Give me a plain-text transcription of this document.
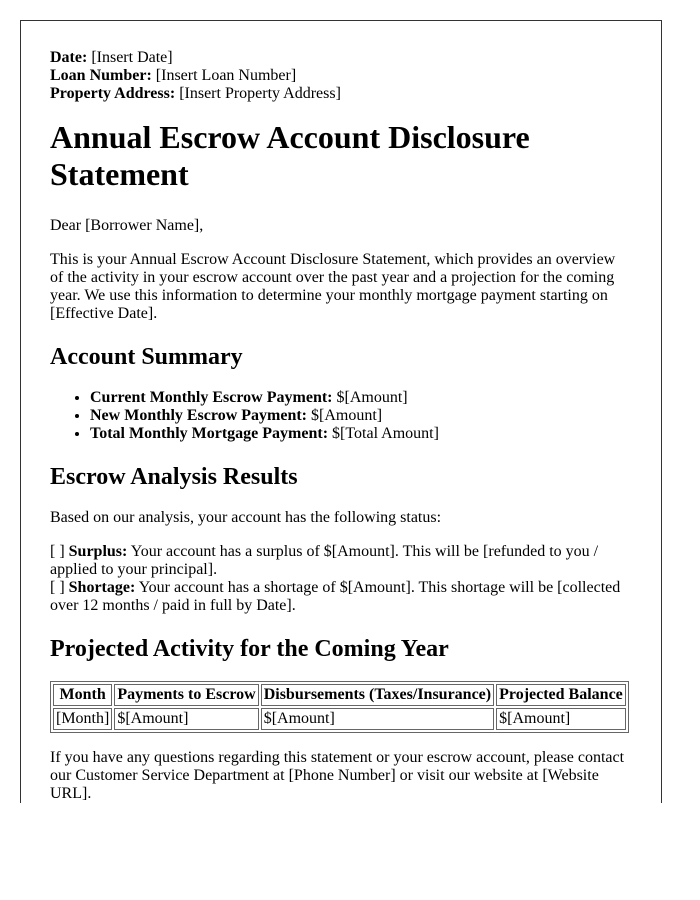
Date: [Insert Date]
Loan Number: [Insert Loan Number]
Property Address: [Insert Property Address]
Annual Escrow Account Disclosure Statement

Dear [Borrower Name],

This is your Annual Escrow Account Disclosure Statement, which provides an overview of the activity in your escrow account over the past year and a projection for the coming year. We use this information to determine your monthly mortgage payment starting on [Effective Date].

Account Summary
• Current Monthly Escrow Payment: $[Amount]
• New Monthly Escrow Payment: $[Amount]
• Total Monthly Mortgage Payment: $[Total Amount]
Escrow Analysis Results

Based on our analysis, your account has the following status:

[ ] Surplus: Your account has a surplus of $[Amount]. This will be [refunded to you / applied to your principal].
[ ] Shortage: Your account has a shortage of $[Amount]. This shortage will be [collected over 12 months / paid in full by Date].

Projected Activity for the Coming Year
Month	Payments to Escrow	Disbursements (Taxes/Insurance)	Projected Balance
[Month]	$[Amount]	$[Amount]	$[Amount]

If you have any questions regarding this statement or your escrow account, please contact our Customer Service Department at [Phone Number] or visit our website at [Website URL].
